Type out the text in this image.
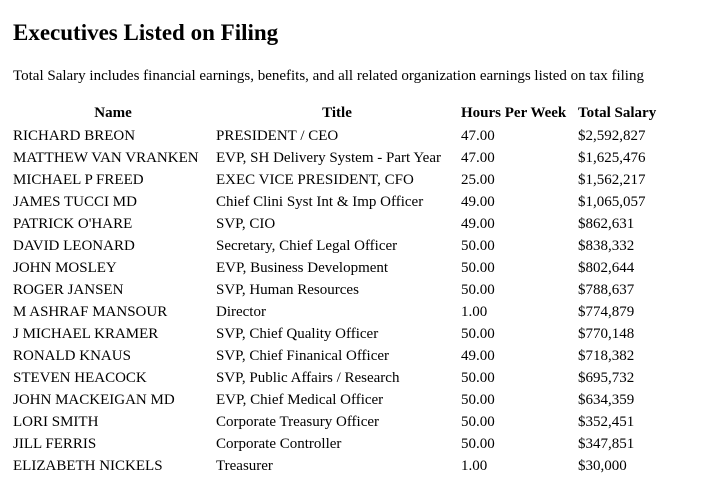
Executives Listed on Filing
Total Salary includes financial earnings, benefits, and all related organization earnings listed on tax filing
Name	Title	Hours Per Week	Total Salary
RICHARD BREON	PRESIDENT / CEO	47.00	$2,592,827
MATTHEW VAN VRANKEN	EVP, SH Delivery System - Part Year	47.00	$1,625,476
MICHAEL P FREED	EXEC VICE PRESIDENT, CFO	25.00	$1,562,217
JAMES TUCCI MD	Chief Clini Syst Int & Imp Officer	49.00	$1,065,057
PATRICK O'HARE	SVP, CIO	49.00	$862,631
DAVID LEONARD	Secretary, Chief Legal Officer	50.00	$838,332
JOHN MOSLEY	EVP, Business Development	50.00	$802,644
ROGER JANSEN	SVP, Human Resources	50.00	$788,637
M ASHRAF MANSOUR	Director	1.00	$774,879
J MICHAEL KRAMER	SVP, Chief Quality Officer	50.00	$770,148
RONALD KNAUS	SVP, Chief Finanical Officer	49.00	$718,382
STEVEN HEACOCK	SVP, Public Affairs / Research	50.00	$695,732
JOHN MACKEIGAN MD	EVP, Chief Medical Officer	50.00	$634,359
LORI SMITH	Corporate Treasury Officer	50.00	$352,451
JILL FERRIS	Corporate Controller	50.00	$347,851
ELIZABETH NICKELS	Treasurer	1.00	$30,000
